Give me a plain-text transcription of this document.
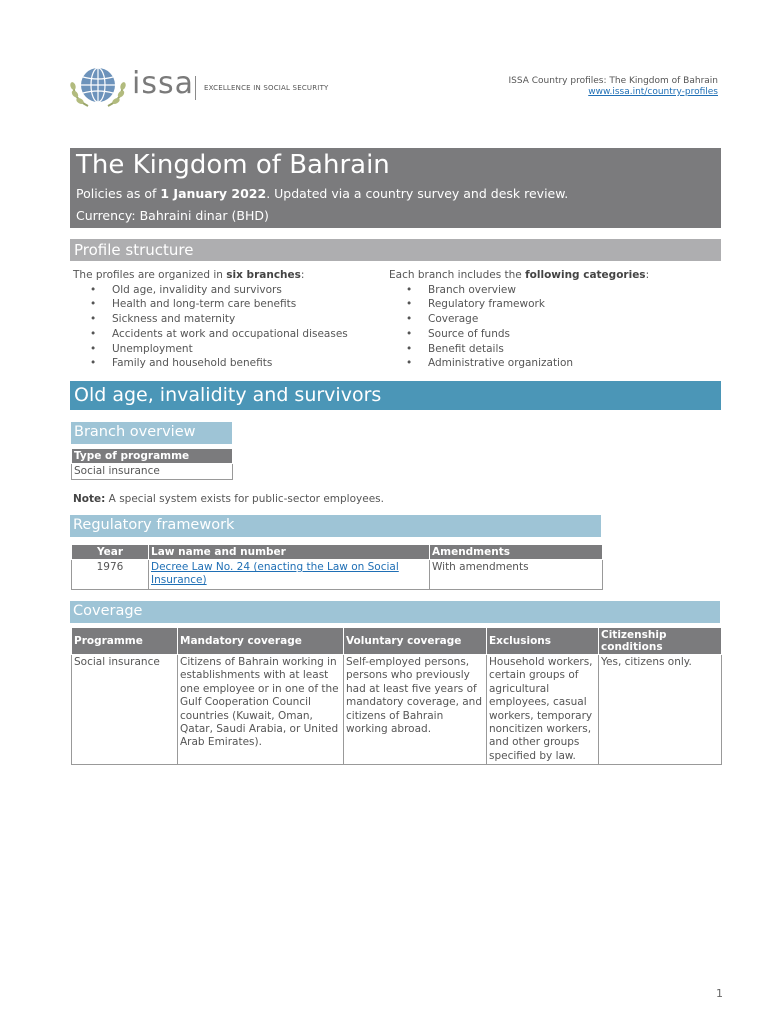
issa EXCELLENCE IN SOCIAL SECURITY
ISSA Country profiles: The Kingdom of Bahrain
www.issa.int/country-profiles
The Kingdom of Bahrain
Policies as of 1 January 2022. Updated via a country survey and desk review.
Currency: Bahraini dinar (BHD)
Profile structure
The profiles are organized in six branches:
• Old age, invalidity and survivors
• Health and long-term care benefits
• Sickness and maternity
• Accidents at work and occupational diseases
• Unemployment
• Family and household benefits
Each branch includes the following categories:
• Branch overview
• Regulatory framework
• Coverage
• Source of funds
• Benefit details
• Administrative organization
Old age, invalidity and survivors
Branch overview
Type of programme
Social insurance
Note: A special system exists for public-sector employees.
Regulatory framework
Year	Law name and number	Amendments
1976	Decree Law No. 24 (enacting the Law on Social Insurance)	With amendments
Coverage
Programme	Mandatory coverage	Voluntary coverage	Exclusions	Citizenship conditions
Social insurance	Citizens of Bahrain working in establishments with at least one employee or in one of the Gulf Cooperation Council countries (Kuwait, Oman, Qatar, Saudi Arabia, or United Arab Emirates).	Self-employed persons, persons who previously had at least five years of mandatory coverage, and citizens of Bahrain working abroad.	Household workers, certain groups of agricultural employees, casual workers, temporary noncitizen workers, and other groups specified by law.	Yes, citizens only.
1
